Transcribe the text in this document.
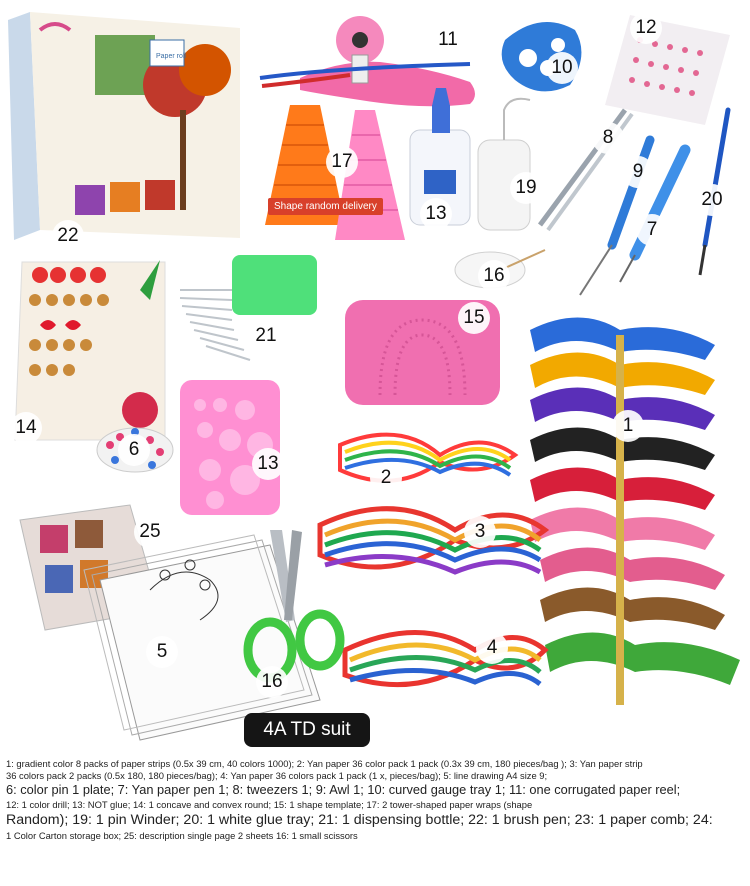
Paper roll
Shape random delivery
11
10
12
8
9
7
20
17
13
19
16
22
21
15
1
14
6
13
2
3
25
5	4
16
4A TD suit
1: gradient color 8 packs of paper strips (0.5x 39 cm, 40 colors 1000); 2: Yan paper 36 color pack 1 pack (0.3x 39 cm, 180 pieces/bag ); 3: Yan paper strip
36 colors pack 2 packs (0.5x 180, 180 pieces/bag); 4: Yan paper 36 colors pack 1 pack (1 x, pieces/bag); 5: line drawing A4 size 9;
6: color pin 1 plate; 7: Yan paper pen 1; 8: tweezers 1; 9: Awl 1; 10: curved gauge tray 1; 11: one corrugated paper reel;
12: 1 color drill; 13: NOT glue; 14: 1 concave and convex round; 15: 1 shape template; 17: 2 tower-shaped paper wraps (shape
Random); 19: 1 pin Winder; 20: 1 white glue tray; 21: 1 dispensing bottle; 22: 1 brush pen; 23: 1 paper comb; 24:
1 Color Carton storage box; 25: description single page 2 sheets 16: 1 small scissors
